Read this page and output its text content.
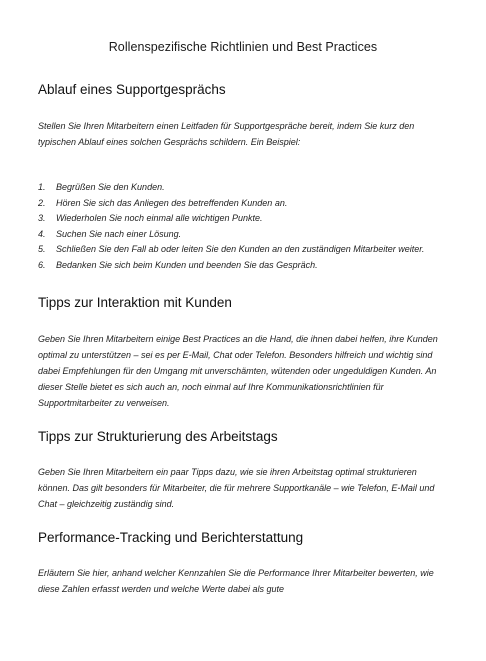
Rollenspezifische Richtlinien und Best Practices
Ablauf eines Supportgesprächs

Stellen Sie Ihren Mitarbeitern einen Leitfaden für Supportgespräche bereit, indem Sie kurz den typischen Ablauf eines solchen Gesprächs schildern. Ein Beispiel:

1.	Begrüßen Sie den Kunden.
2.	Hören Sie sich das Anliegen des betreffenden Kunden an.
3.	Wiederholen Sie noch einmal alle wichtigen Punkte.
4.	Suchen Sie nach einer Lösung.
5.	Schließen Sie den Fall ab oder leiten Sie den Kunden an den zuständigen Mitarbeiter weiter.
6.	Bedanken Sie sich beim Kunden und beenden Sie das Gespräch.
Tipps zur Interaktion mit Kunden

Geben Sie Ihren Mitarbeitern einige Best Practices an die Hand, die ihnen dabei helfen, ihre Kunden optimal zu unterstützen – sei es per E-Mail, Chat oder Telefon. Besonders hilfreich und wichtig sind dabei Empfehlungen für den Umgang mit unverschämten, wütenden oder ungeduldigen Kunden. An dieser Stelle bietet es sich auch an, noch einmal auf Ihre Kommunikationsrichtlinien für Supportmitarbeiter zu verweisen.

Tipps zur Strukturierung des Arbeitstags

Geben Sie Ihren Mitarbeitern ein paar Tipps dazu, wie sie ihren Arbeitstag optimal strukturieren können. Das gilt besonders für Mitarbeiter, die für mehrere Supportkanäle – wie Telefon, E-Mail und Chat – gleichzeitig zuständig sind.

Performance-Tracking und Berichterstattung

Erläutern Sie hier, anhand welcher Kennzahlen Sie die Performance Ihrer Mitarbeiter bewerten, wie diese Zahlen erfasst werden und welche Werte dabei als gute
